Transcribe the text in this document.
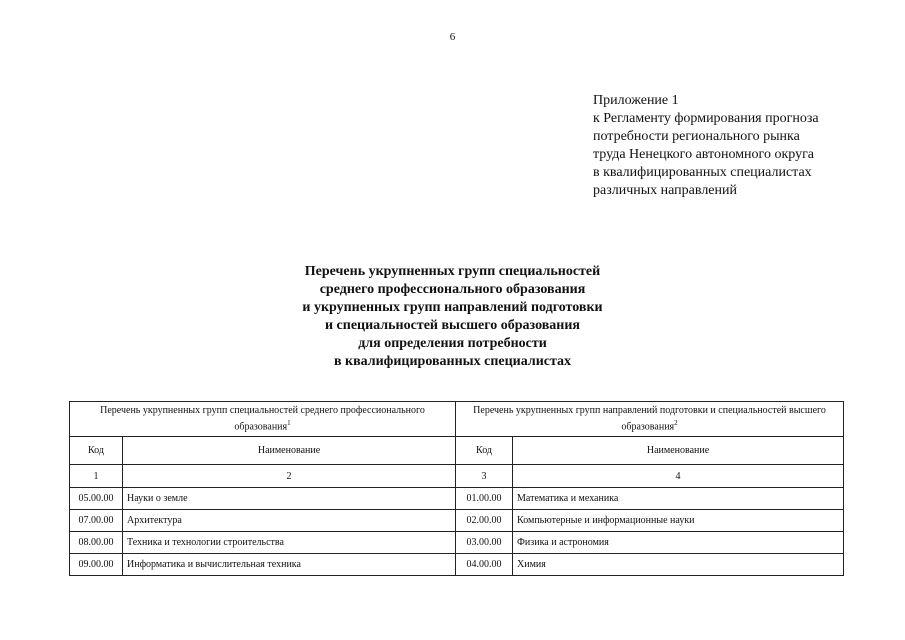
6
Приложение 1
к Регламенту формирования прогноза
потребности регионального рынка
труда Ненецкого автономного округа
в квалифицированных специалистах
различных направлений
Перечень укрупненных групп специальностей
среднего профессионального образования
и укрупненных групп направлений подготовки
и специальностей высшего образования
для определения потребности
в квалифицированных специалистах
Перечень укрупненных групп специальностей среднего профессионального образования$^1$		Перечень укрупненных групп направлений подготовки и специальностей высшего образования$^2$
Код	Наименование	Код	Наименование
1	2	3	4
05.00.00	Науки о земле	01.00.00	Математика и механика
07.00.00	Архитектура	02.00.00	Компьютерные и информационные науки
08.00.00	Техника и технологии строительства	03.00.00	Физика и астрономия
09.00.00	Информатика и вычислительная техника	04.00.00	Химия
